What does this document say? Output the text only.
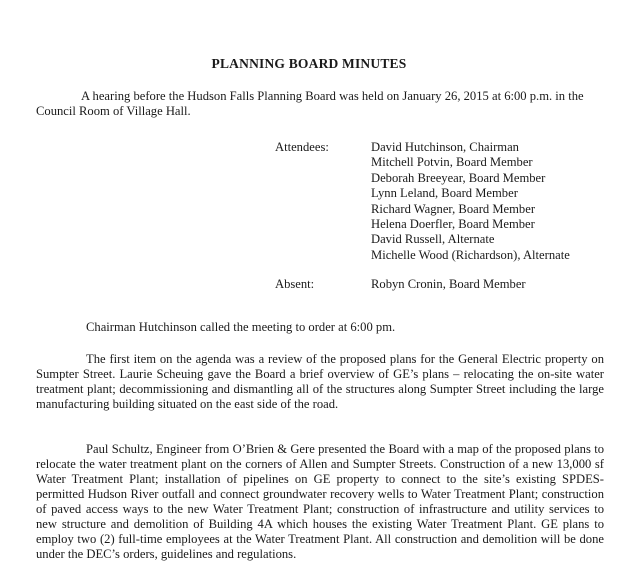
PLANNING BOARD MINUTES

A hearing before the Hudson Falls Planning Board was held on January 26, 2015 at 6:00 p.m. in the Council Room of Village Hall.

Attendees:	David Hutchinson, Chairman
Mitchell Potvin, Board Member
Deborah Breeyear, Board Member
Lynn Leland, Board Member
Richard Wagner, Board Member
Helena Doerfler, Board Member
David Russell, Alternate
Michelle Wood (Richardson), Alternate
Absent:	Robyn Cronin, Board Member

Chairman Hutchinson called the meeting to order at 6:00 pm.

The first item on the agenda was a review of the proposed plans for the General Electric property on Sumpter Street. Laurie Scheuing gave the Board a brief overview of GE’s plans – relocating the on-site water treatment plant; decommissioning and dismantling all of the structures along Sumpter Street including the large manufacturing building situated on the east side of the road.

Paul Schultz, Engineer from O’Brien & Gere presented the Board with a map of the proposed plans to relocate the water treatment plant on the corners of Allen and Sumpter Streets. Construction of a new 13,000 sf Water Treatment Plant; installation of pipelines on GE property to connect to the site’s existing SPDES-permitted Hudson River outfall and connect groundwater recovery wells to Water Treatment Plant; construction of paved access ways to the new Water Treatment Plant; construction of infrastructure and utility services to new structure and demolition of Building 4A which houses the existing Water Treatment Plant. GE plans to employ two (2) full-time employees at the Water Treatment Plant. All construction and demolition will be done under the DEC’s orders, guidelines and regulations.
